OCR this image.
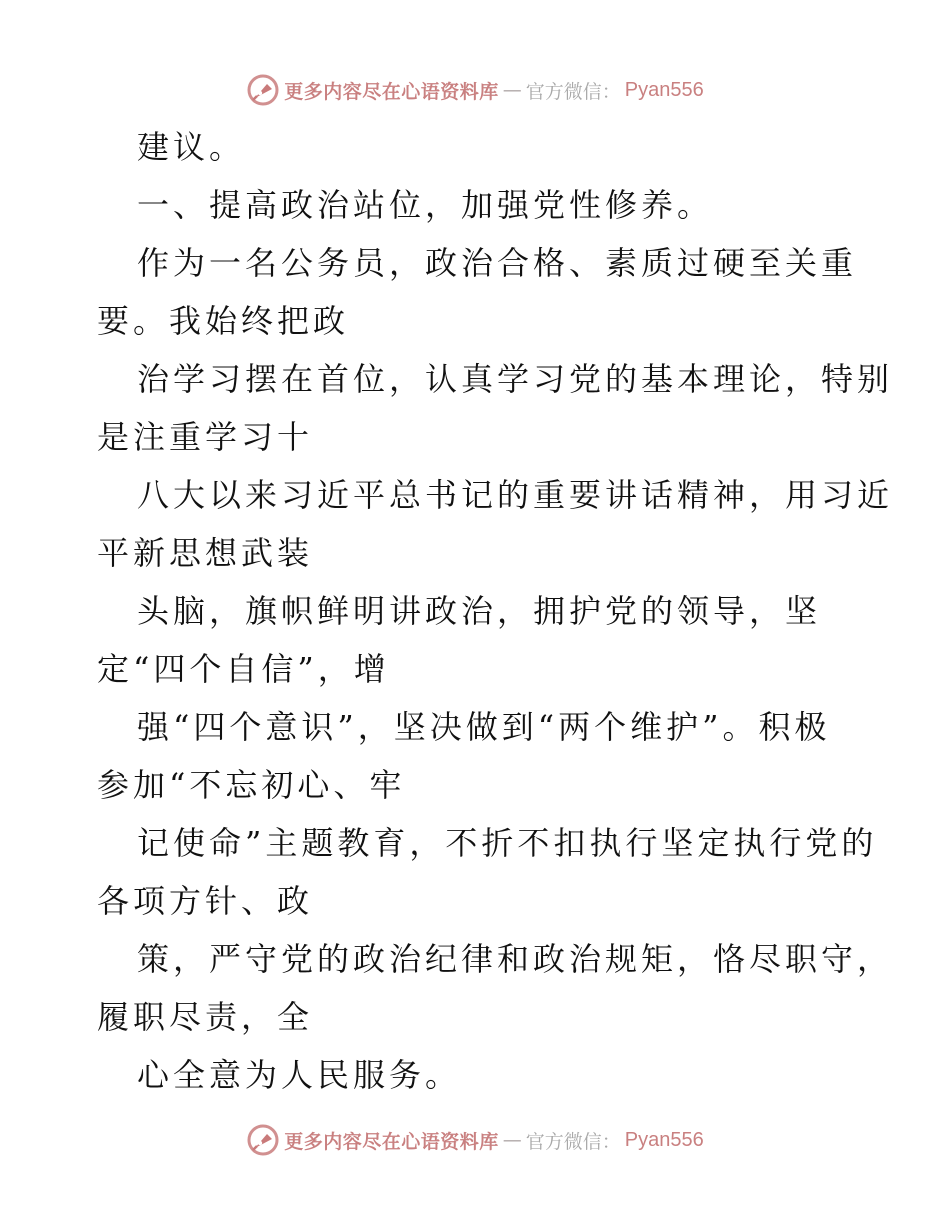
更多内容尽在心语资料库 — 官方微信： Pyan556
建议。
一、提高政治站位，加强党性修养。
作为一名公务员，政治合格、素质过硬至关重
要。我始终把政
治学习摆在首位，认真学习党的基本理论，特别
是注重学习十
八大以来习近平总书记的重要讲话精神，用习近
平新思想武装
头脑，旗帜鲜明讲政治，拥护党的领导，坚
定“四个自信”，增
强“四个意识”，坚决做到“两个维护”。积极
参加“不忘初心、牢
记使命”主题教育，不折不扣执行坚定执行党的
各项方针、政
策，严守党的政治纪律和政治规矩，恪尽职守，
履职尽责，全
心全意为人民服务。
更多内容尽在心语资料库 — 官方微信： Pyan556
